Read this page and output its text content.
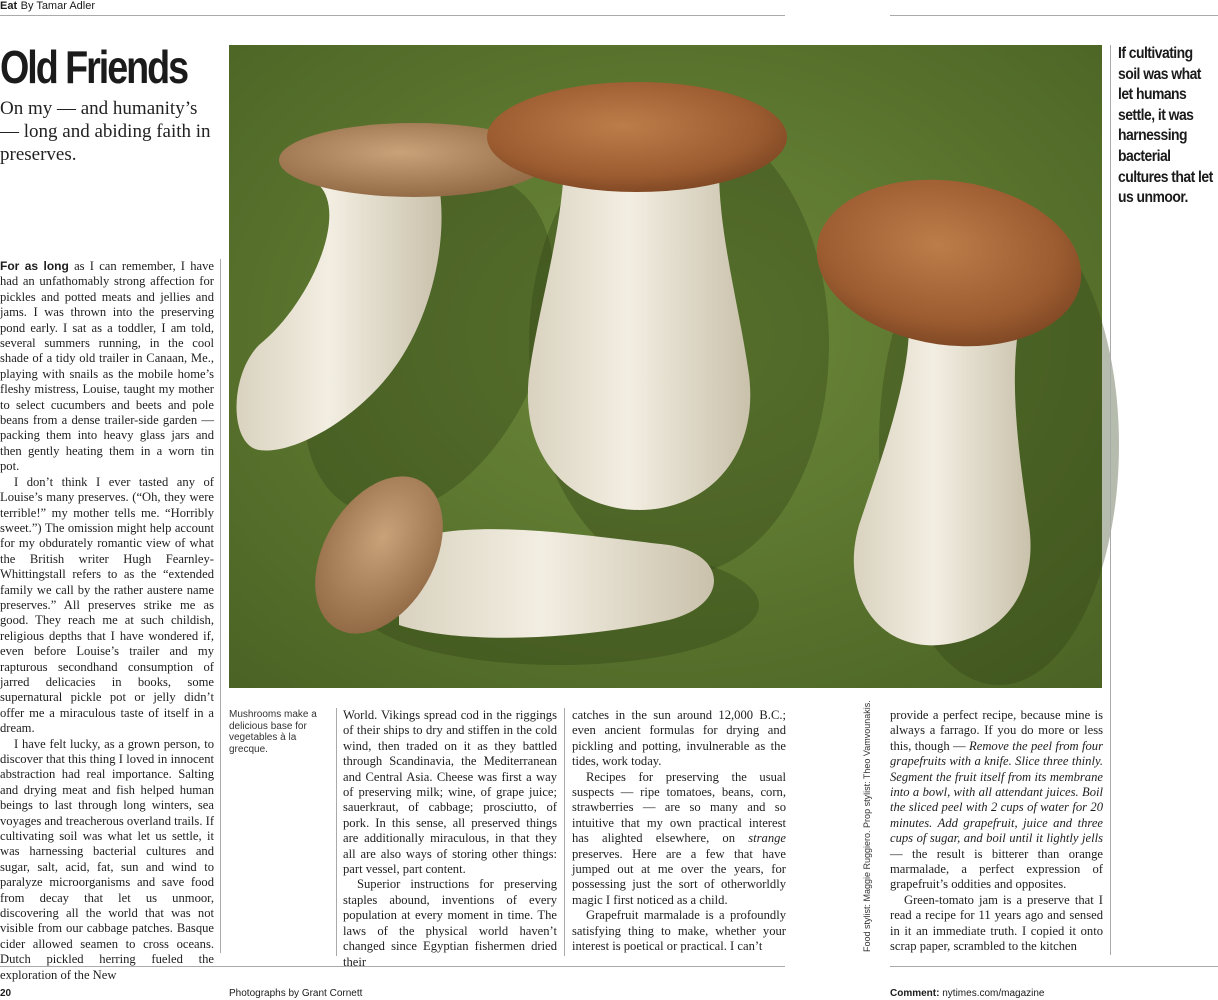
Eat By Tamar Adler
Old Friends

On my — and humanity’s — long and abiding faith in preserves.

For as long as I can remember, I have had an unfathomably strong affection for pickles and potted meats and jellies and jams. I was thrown into the preserving pond early. I sat as a toddler, I am told, several summers running, in the cool shade of a tidy old trailer in Canaan, Me., playing with snails as the mobile home’s fleshy mistress, Louise, taught my mother to select cucumbers and beets and pole beans from a dense trailer-side garden — packing them into heavy glass jars and then gently heating them in a worn tin pot.

I don’t think I ever tasted any of Louise’s many preserves. (“Oh, they were terrible!” my mother tells me. “Horribly sweet.”) The omission might help account for my obdurately romantic view of what the British writer Hugh Fearnley-Whittingstall refers to as the “extended family we call by the rather austere name preserves.” All preserves strike me as good. They reach me at such childish, religious depths that I have wondered if, even before Louise’s trailer and my rapturous secondhand consumption of jarred delicacies in books, some supernatural pickle pot or jelly didn’t offer me a miraculous taste of itself in a dream.

I have felt lucky, as a grown person, to discover that this thing I loved in innocent abstraction had real importance. Salting and drying meat and fish helped human beings to last through long winters, sea voyages and treacherous overland trails. If cultivating soil was what let us settle, it was harnessing bacterial cultures and sugar, salt, acid, fat, sun and wind to paralyze microorganisms and save food from decay that let us unmoor, discovering all the world that was not visible from our cabbage patches. Basque cider allowed seamen to cross oceans. Dutch pickled herring fueled the exploration of the New

Mushrooms make a delicious base for vegetables à la grecque.

World. Vikings spread cod in the riggings of their ships to dry and stiffen in the cold wind, then traded on it as they battled through Scandinavia, the Mediterranean and Central Asia. Cheese was first a way of preserving milk; wine, of grape juice; sauerkraut, of cabbage; prosciutto, of pork. In this sense, all preserved things are additionally miraculous, in that they all are also ways of storing other things: part vessel, part content.

Superior instructions for preserving staples abound, inventions of every population at every moment in time. The laws of the physical world haven’t changed since Egyptian fishermen dried their

catches in the sun around 12,000 B.C.; even ancient formulas for drying and pickling and potting, invulnerable as the tides, work today.

Recipes for preserving the usual suspects — ripe tomatoes, beans, corn, strawberries — are so many and so intuitive that my own practical interest has alighted elsewhere, on strange preserves. Here are a few that have jumped out at me over the years, for possessing just the sort of otherworldly magic I first noticed as a child.

Grapefruit marmalade is a profoundly satisfying thing to make, whether your interest is poetical or practical. I can’t	Food stylist: Maggie Ruggiero. Prop stylist: Theo Vamvounakis. provide a perfect recipe, because mine is always a farrago. If you do more or less this, though — Remove the peel from four grapefruits with a knife. Slice three thinly. Segment the fruit itself from its membrane into a bowl, with all attendant juices. Boil the sliced peel with 2 cups of water for 20 minutes. Add grapefruit, juice and three cups of sugar, and boil until it lightly jells — the result is bitterer than orange marmalade, a perfect expression of grapefruit’s oddities and opposites.

Green-tomato jam is a preserve that I read a recipe for 11 years ago and sensed in it an immediate truth. I copied it onto scrap paper, scrambled to the kitchen

If cultivating soil was what let humans settle, it was harnessing bacterial cultures that let us unmoor.
20	Photographs by Grant Cornett	Comment: nytimes.com/magazine
